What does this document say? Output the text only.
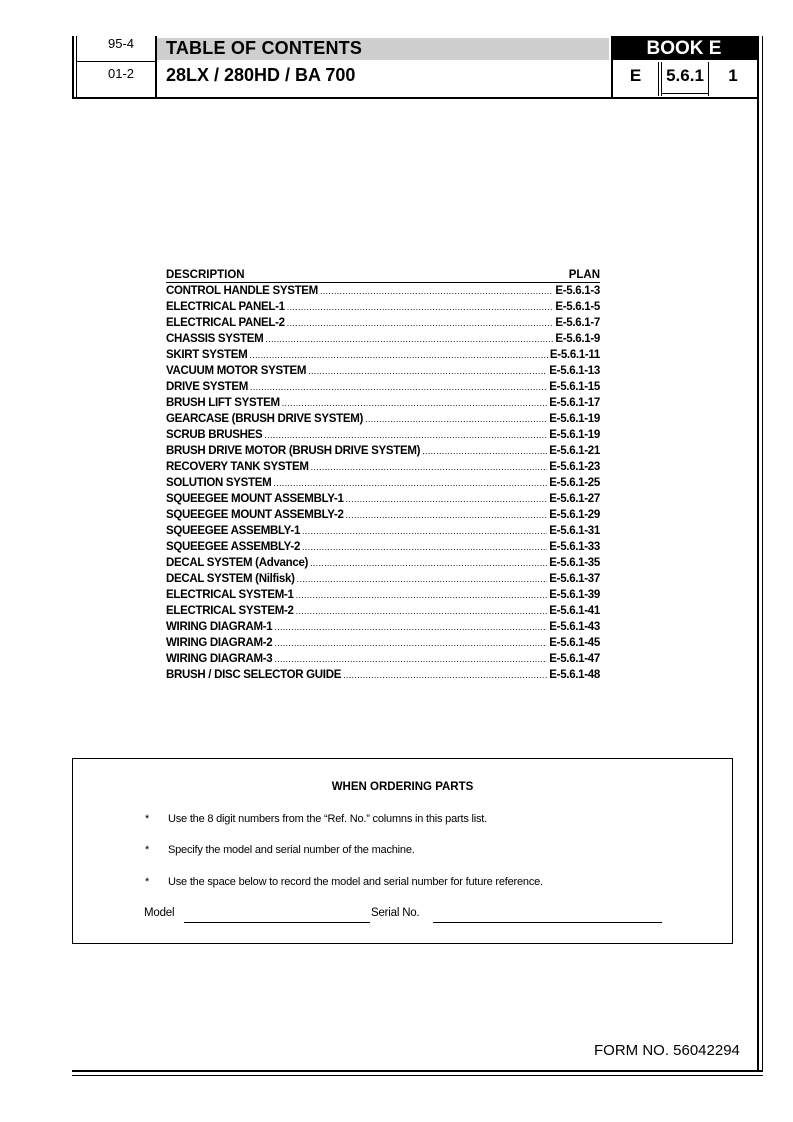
95-4
01-2
TABLE OF CONTENTS
28LX / 280HD / BA 700
BOOK E
E	5.6.1	1
DESCRIPTION	PLAN
CONTROL HANDLE SYSTEM .....	E-5.6.1-3
ELECTRICAL PANEL-1 .....	E-5.6.1-5
ELECTRICAL PANEL-2 .....	E-5.6.1-7
CHASSIS SYSTEM .....	E-5.6.1-9
SKIRT SYSTEM .....	E-5.6.1-11
VACUUM MOTOR SYSTEM .....	E-5.6.1-13
DRIVE SYSTEM .....	E-5.6.1-15
BRUSH LIFT SYSTEM .....	E-5.6.1-17
GEARCASE (BRUSH DRIVE SYSTEM) .....	E-5.6.1-19
SCRUB BRUSHES .....	E-5.6.1-19
BRUSH DRIVE MOTOR (BRUSH DRIVE SYSTEM) .....	E-5.6.1-21
RECOVERY TANK SYSTEM .....	E-5.6.1-23
SOLUTION SYSTEM .....	E-5.6.1-25
SQUEEGEE MOUNT ASSEMBLY-1 .....	E-5.6.1-27
SQUEEGEE MOUNT ASSEMBLY-2 .....	E-5.6.1-29
SQUEEGEE ASSEMBLY-1 .....	E-5.6.1-31
SQUEEGEE ASSEMBLY-2 .....	E-5.6.1-33
DECAL SYSTEM (Advance) .....	E-5.6.1-35
DECAL SYSTEM (Nilfisk) .....	E-5.6.1-37
ELECTRICAL SYSTEM-1 .....	E-5.6.1-39
ELECTRICAL SYSTEM-2 .....	E-5.6.1-41
WIRING DIAGRAM-1 .....	E-5.6.1-43
WIRING DIAGRAM-2 .....	E-5.6.1-45
WIRING DIAGRAM-3 .....	E-5.6.1-47
BRUSH / DISC SELECTOR GUIDE .....	E-5.6.1-48
WHEN ORDERING PARTS
* Use the 8 digit numbers from the “Ref. No.” columns in this parts list.
* Specify the model and serial number of the machine.
* Use the space below to record the model and serial number for future reference.
Model	Serial No.
FORM NO. 56042294
